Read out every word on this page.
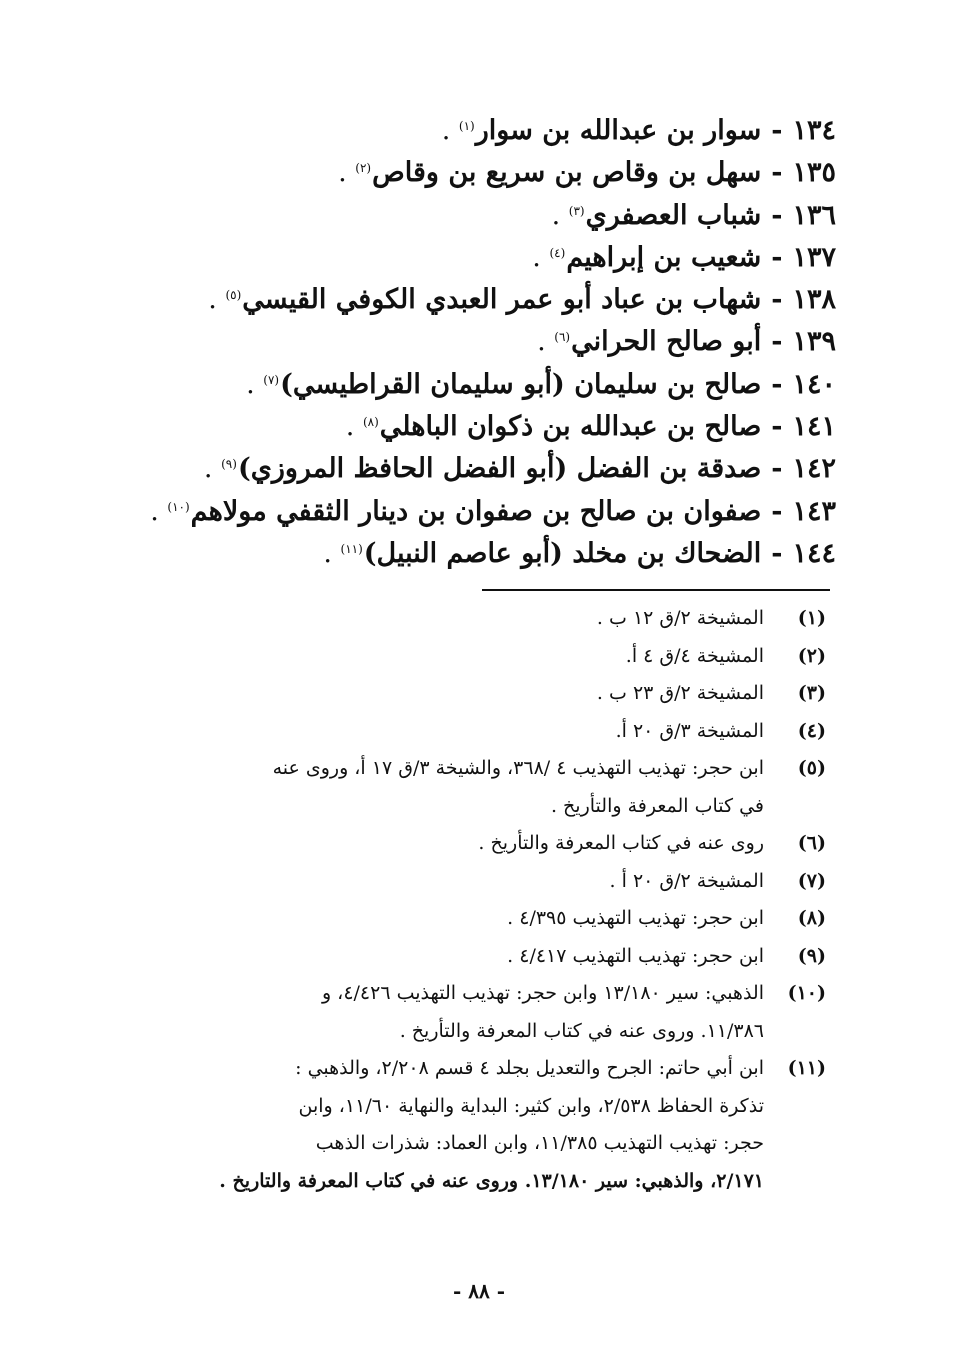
١٣٤-سوار بن عبدالله بن سوار$^{(١)}$ .
١٣٥-سهل بن وقاص بن سريع بن وقاص$^{(٢)}$ .
١٣٦-شباب العصفري$^{(٣)}$ .
١٣٧-شعيب بن إبراهيم$^{(٤)}$ .
١٣٨-شهاب بن عباد أبو عمر العبدي الكوفي القيسي$^{(٥)}$ .
١٣٩-أبو صالح الحراني$^{(٦)}$ .
١٤٠-صالح بن سليمان (أبو سليمان القراطيسي)$^{(٧)}$ .
١٤١-صالح بن عبدالله بن ذكوان الباهلي$^{(٨)}$ .
١٤٢-صدقة بن الفضل (أبو الفضل الحافظ المروزي)$^{(٩)}$ .
١٤٣-صفوان بن صالح بن صفوان بن دينار الثقفي مولاهم$^{(١٠)}$ .
١٤٤-الضحاك بن مخلد (أبو عاصم النبيل)$^{(١١)}$ .
(١)
المشيخة ٢/ق ١٢ ب .
(٢)
المشيخة ٤/ق ٤ أ.
(٣)
المشيخة ٢/ق ٢٣ ب .
(٤)
المشيخة ٣/ق ٢٠ أ.
(٥)
ابن حجر: تهذيب التهذيب ٤ /٣٦٨، والشيخة ٣/ق ١٧ أ، وروى عنه
في كتاب المعرفة والتأريخ .
(٦)
روى عنه في كتاب المعرفة والتأريخ .
(٧)
المشيخة ٢/ق ٢٠ أ .
(٨)
ابن حجر: تهذيب التهذيب ٤/٣٩٥ .
(٩)
ابن حجر: تهذيب التهذيب ٤/٤١٧ .
(١٠)
الذهبي: سير ١٣/١٨٠ وابن حجر: تهذيب التهذيب ٤/٤٢٦، و
١١/٣٨٦. وروى عنه في كتاب المعرفة والتأريخ .
(١١)
ابن أبي حاتم: الجرح والتعديل بجلد ٤ قسم ٢/٢٠٨، والذهبي :
تذكرة الحفاظ ٢/٥٣٨، وابن كثير: البداية والنهاية ١١/٦٠، وابن
حجر: تهذيب التهذيب ١١/٣٨٥، وابن العماد: شذرات الذهب
٢/١٧١، والذهبي: سير ١٣/١٨٠. وروى عنه في كتاب المعرفة والتاريخ .
- ٨٨ -
